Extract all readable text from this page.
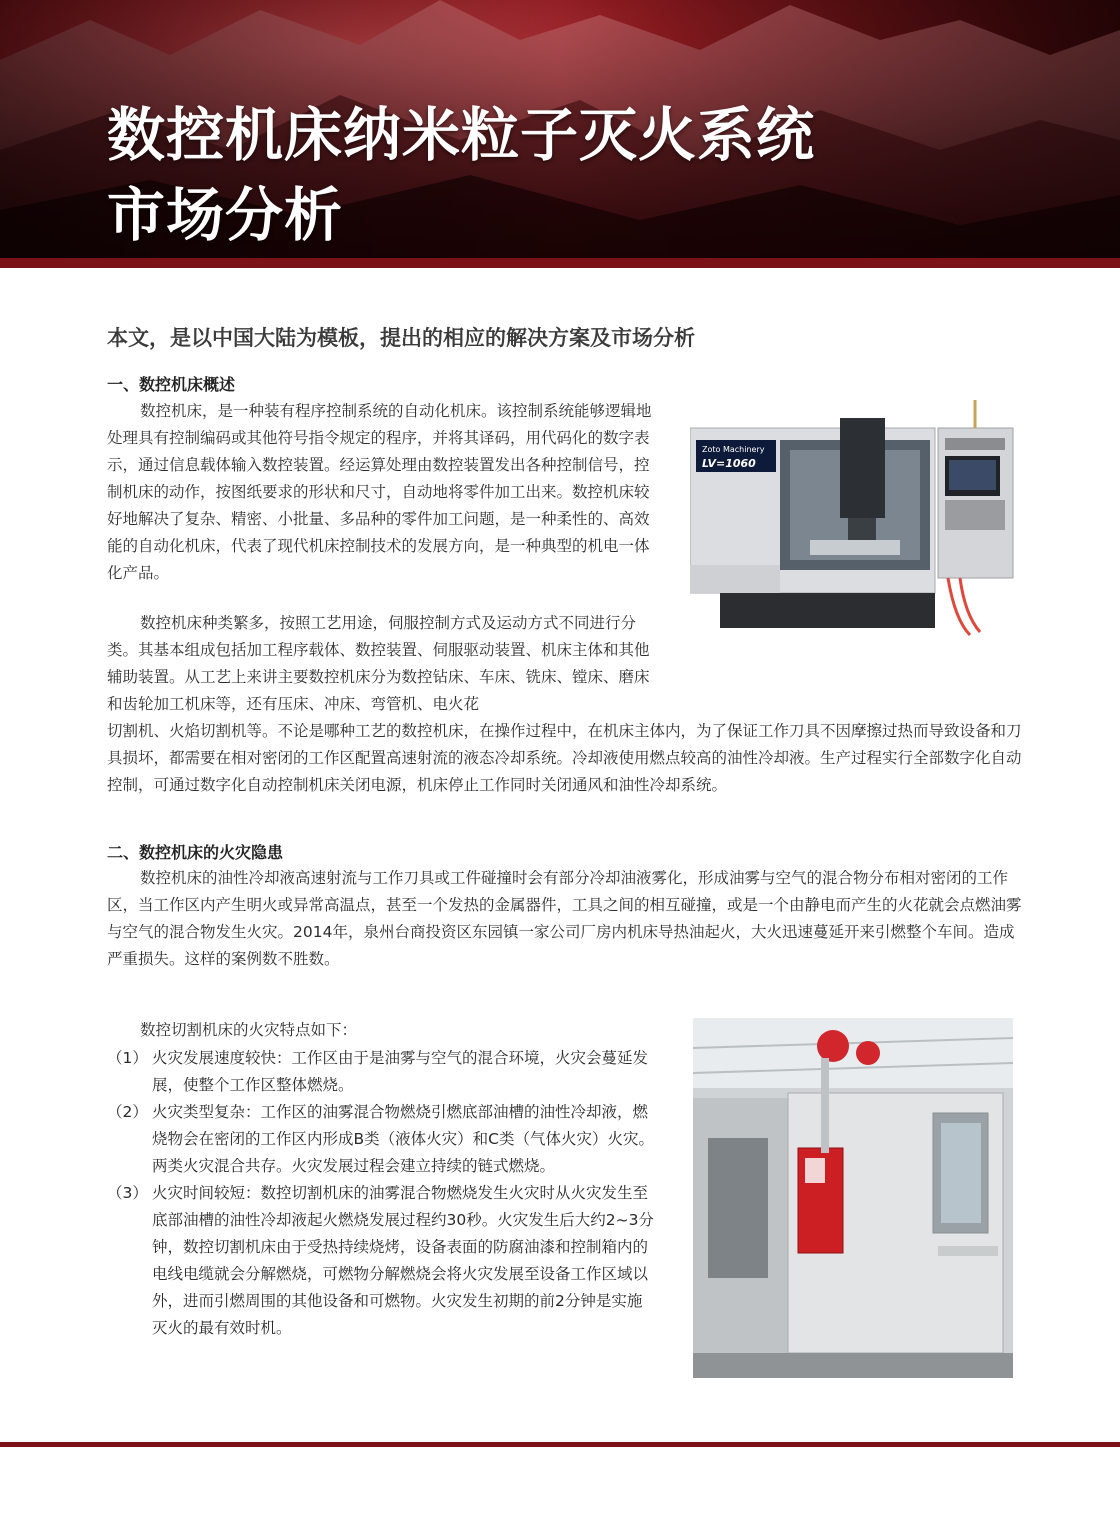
数控机床纳米粒子灭火系统
市场分析
本文，是以中国大陆为模板，提出的相应的解决方案及市场分析
一、数控机床概述

数控机床，是一种装有程序控制系统的自动化机床。该控制系统能够逻辑地处理具有控制编码或其他符号指令规定的程序，并将其译码，用代码化的数字表示，通过信息载体输入数控装置。经运算处理由数控装置发出各种控制信号，控制机床的动作，按图纸要求的形状和尺寸，自动地将零件加工出来。数控机床较好地解决了复杂、精密、小批量、多品种的零件加工问题，是一种柔性的、高效能的自动化机床，代表了现代机床控制技术的发展方向，是一种典型的机电一体化产品。

数控机床种类繁多，按照工艺用途，伺服控制方式及运动方式不同进行分类。其基本组成包括加工程序载体、数控装置、伺服驱动装置、机床主体和其他辅助装置。从工艺上来讲主要数控机床分为数控钻床、车床、铣床、镗床、磨床和齿轮加工机床等，还有压床、冲床、弯管机、电火花

切割机、火焰切割机等。不论是哪种工艺的数控机床，在操作过程中，在机床主体内，为了保证工作刀具不因摩擦过热而导致设备和刀具损坏，都需要在相对密闭的工作区配置高速射流的液态冷却系统。冷却液使用燃点较高的油性冷却液。生产过程实行全部数字化自动控制，可通过数字化自动控制机床关闭电源，机床停止工作同时关闭通风和油性冷却系统。

Zoto Machinery
LV=1060
二、数控机床的火灾隐患

数控机床的油性冷却液高速射流与工作刀具或工件碰撞时会有部分冷却油液雾化，形成油雾与空气的混合物分布相对密闭的工作区，当工作区内产生明火或异常高温点，甚至一个发热的金属器件，工具之间的相互碰撞，或是一个由静电而产生的火花就会点燃油雾与空气的混合物发生火灾。2014年，泉州台商投资区东园镇一家公司厂房内机床导热油起火，大火迅速蔓延开来引燃整个车间。造成严重损失。这样的案例数不胜数。

数控切割机床的火灾特点如下：

（1） 火灾发展速度较快：工作区由于是油雾与空气的混合环境，火灾会蔓延发展，使整个工作区整体燃烧。

（2） 火灾类型复杂：工作区的油雾混合物燃烧引燃底部油槽的油性冷却液，燃烧物会在密闭的工作区内形成B类（液体火灾）和C类（气体火灾）火灾。两类火灾混合共存。火灾发展过程会建立持续的链式燃烧。

（3） 火灾时间较短：数控切割机床的油雾混合物燃烧发生火灾时从火灾发生至底部油槽的油性冷却液起火燃烧发展过程约30秒。火灾发生后大约2~3分钟，数控切割机床由于受热持续烧烤，设备表面的防腐油漆和控制箱内的电线电缆就会分解燃烧，可燃物分解燃烧会将火灾发展至设备工作区域以外，进而引燃周围的其他设备和可燃物。火灾发生初期的前2分钟是实施灭火的最有效时机。
